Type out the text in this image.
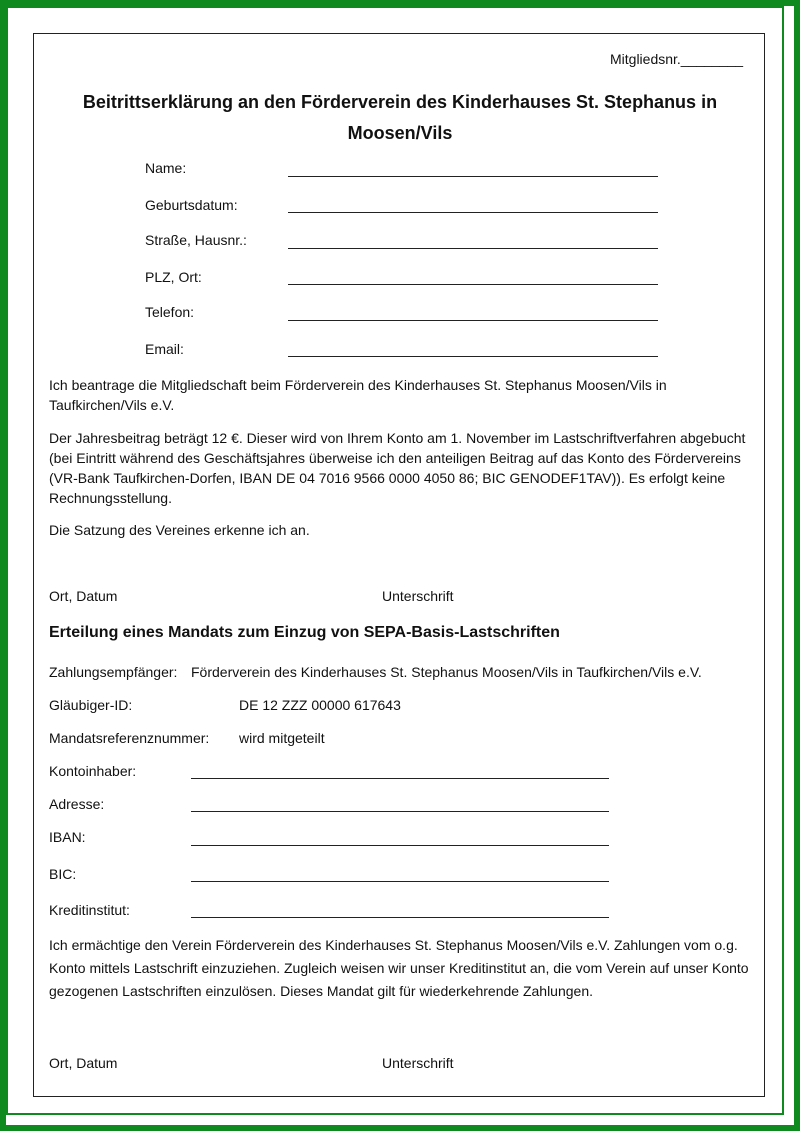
Mitgliedsnr.________
Beitrittserklärung an den Förderverein des Kinderhauses St. Stephanus in Moosen/Vils
Name:
Geburtsdatum:
Straße, Hausnr.:
PLZ, Ort:
Telefon:
Email:
Ich beantrage die Mitgliedschaft beim Förderverein des Kinderhauses St. Stephanus Moosen/Vils in Taufkirchen/Vils e.V.
Der Jahresbeitrag beträgt 12 €. Dieser wird von Ihrem Konto am 1. November im Lastschriftverfahren abgebucht (bei Eintritt während des Geschäftsjahres überweise ich den anteiligen Beitrag auf das Konto des Fördervereins (VR-Bank Taufkirchen-Dorfen, IBAN DE 04 7016 9566 0000 4050 86; BIC GENODEF1TAV)). Es erfolgt keine Rechnungsstellung.
Die Satzung des Vereines erkenne ich an.
Ort, Datum	Unterschrift
Erteilung eines Mandats zum Einzug von SEPA-Basis-Lastschriften
Zahlungsempfänger: Förderverein des Kinderhauses St. Stephanus Moosen/Vils in Taufkirchen/Vils e.V.
Gläubiger-ID:	DE 12 ZZZ 00000 617643
Mandatsreferenznummer: wird mitgeteilt
Kontoinhaber:
Adresse:
IBAN:
BIC:
Kreditinstitut:
Ich ermächtige den Verein Förderverein des Kinderhauses St. Stephanus Moosen/Vils e.V. Zahlungen vom o.g. Konto mittels Lastschrift einzuziehen. Zugleich weisen wir unser Kreditinstitut an, die vom Verein auf unser Konto gezogenen Lastschriften einzulösen. Dieses Mandat gilt für wiederkehrende Zahlungen.
Ort, Datum	Unterschrift
